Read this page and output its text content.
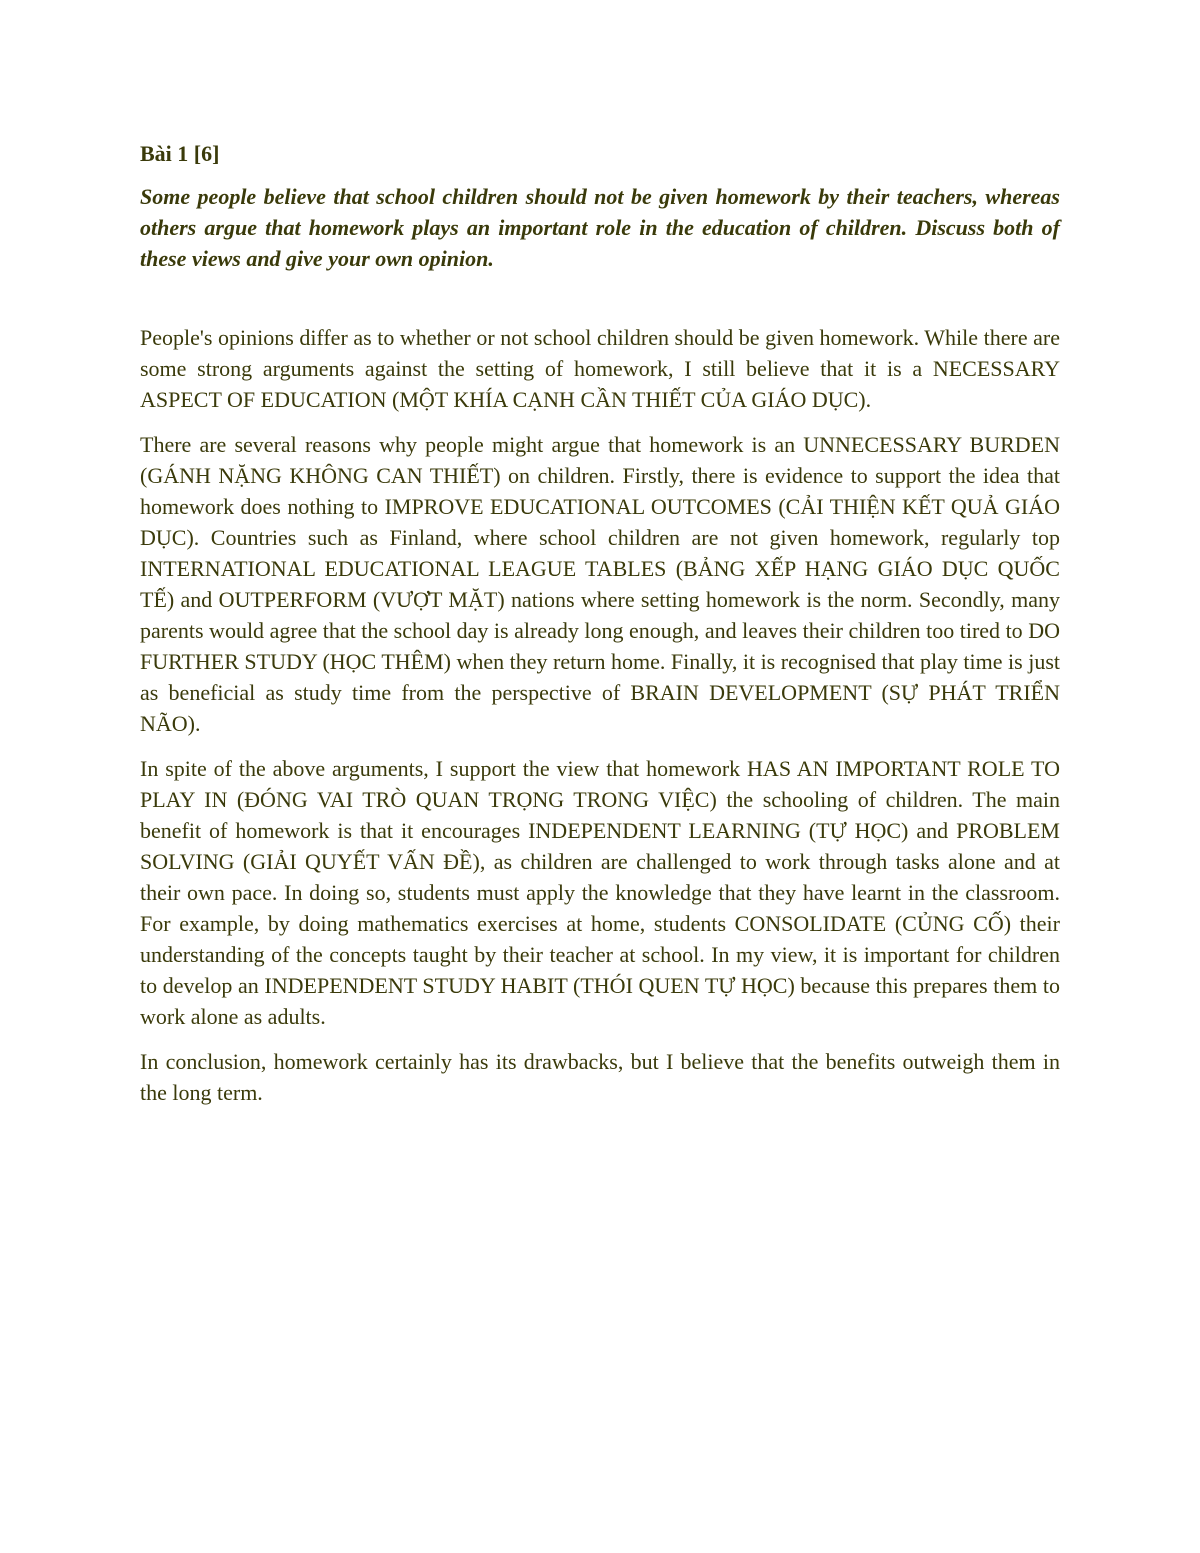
Bài 1 [6]

Some people believe that school children should not be given homework by their teachers, whereas others argue that homework plays an important role in the education of children. Discuss both of these views and give your own opinion.

People's opinions differ as to whether or not school children should be given homework. While there are some strong arguments against the setting of homework, I still believe that it is a NECESSARY ASPECT OF EDUCATION (MỘT KHÍA CẠNH CẦN THIẾT CỦA GIÁO DỤC).

There are several reasons why people might argue that homework is an UNNECESSARY BURDEN (GÁNH NẶNG KHÔNG CAN THIẾT) on children. Firstly, there is evidence to support the idea that homework does nothing to IMPROVE EDUCATIONAL OUTCOMES (CẢI THIỆN KẾT QUẢ GIÁO DỤC). Countries such as Finland, where school children are not given homework, regularly top INTERNATIONAL EDUCATIONAL LEAGUE TABLES (BẢNG XẾP HẠNG GIÁO DỤC QUỐC TẾ) and OUTPERFORM (VƯỢT MẶT) nations where setting homework is the norm. Secondly, many parents would agree that the school day is already long enough, and leaves their children too tired to DO FURTHER STUDY (HỌC THÊM) when they return home. Finally, it is recognised that play time is just as beneficial as study time from the perspective of BRAIN DEVELOPMENT (SỰ PHÁT TRIỂN NÃO).

In spite of the above arguments, I support the view that homework HAS AN IMPORTANT ROLE TO PLAY IN (ĐÓNG VAI TRÒ QUAN TRỌNG TRONG VIỆC) the schooling of children. The main benefit of homework is that it encourages INDEPENDENT LEARNING (TỰ HỌC) and PROBLEM SOLVING (GIẢI QUYẾT VẤN ĐỀ), as children are challenged to work through tasks alone and at their own pace. In doing so, students must apply the knowledge that they have learnt in the classroom. For example, by doing mathematics exercises at home, students CONSOLIDATE (CỦNG CỐ) their understanding of the concepts taught by their teacher at school. In my view, it is important for children to develop an INDEPENDENT STUDY HABIT (THÓI QUEN TỰ HỌC) because this prepares them to work alone as adults.

In conclusion, homework certainly has its drawbacks, but I believe that the benefits outweigh them in the long term.
